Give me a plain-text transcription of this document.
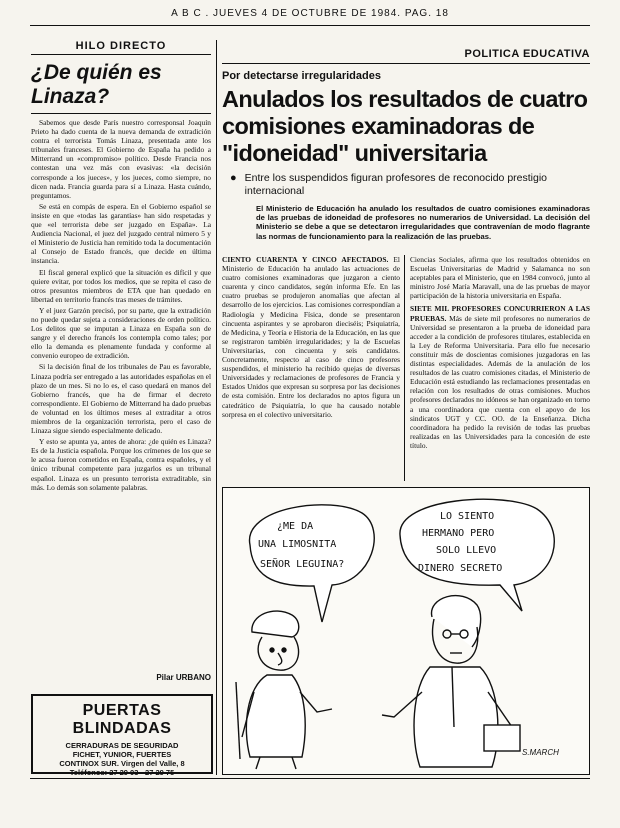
A B C . JUEVES 4 DE OCTUBRE DE 1984. PAG. 18
HILO DIRECTO
¿De quién es Linaza?

Sabemos que desde París nuestro corresponsal Joaquín Prieto ha dado cuenta de la nueva demanda de extradición contra el terrorista Tomás Linaza, presentada ante los tribunales franceses. El Gobierno de España ha pedido a Mitterrand un «compromiso» político. Desde Francia nos contestan una vez más con evasivas: «la decisión corresponde a los jueces», y los jueces, como siempre, no dicen nada. Francia guarda para sí a Linaza. Hasta cuándo, preguntamos.

Se está en compás de espera. En el Gobierno español se insiste en que «todas las garantías» han sido respetadas y que «el terrorista debe ser juzgado en España». La Audiencia Nacional, el juez del juzgado central número 5 y el Ministerio de Justicia han remitido toda la documentación al Consejo de Estado francés, que decide en última instancia.

El fiscal general explicó que la situación es difícil y que quiere evitar, por todos los medios, que se repita el caso de otros presuntos miembros de ETA que han quedado en libertad en territorio francés tras meses de trámites.

Y el juez Garzón precisó, por su parte, que la extradición no puede quedar sujeta a consideraciones de orden político. Los delitos que se imputan a Linaza en España son de sangre y el derecho francés los contempla como tales; por ello la demanda es plenamente fundada y conforme al convenio europeo de extradición.

Si la decisión final de los tribunales de Pau es favorable, Linaza podría ser entregado a las autoridades españolas en el plazo de un mes. Si no lo es, el caso quedará en manos del Gobierno francés, que ha de firmar el decreto correspondiente. El Gobierno de Mitterrand ha dado pruebas de voluntad en los últimos meses al extraditar a otros miembros de la organización terrorista, pero el caso de Linaza sigue siendo especialmente delicado.

Y esto se apunta ya, antes de ahora: ¿de quién es Linaza? Es de la Justicia española. Porque los crímenes de los que se le acusa fueron cometidos en España, contra españoles, y el único tribunal competente para juzgarlos es un tribunal español. Linaza es un presunto terrorista extraditable, sin más. Lo demás son solamente palabras.

Pilar URBANO
PUERTAS BLINDADAS
CERRADURAS DE SEGURIDAD
FICHET, YUNIOR, FUERTES
CONTINOX SUR. Virgen del Valle, 8
Teléfonos: 27 29 03 - 27 29 75
POLITICA EDUCATIVA
Por detectarse irregularidades
Anulados los resultados de cuatro comisiones examinadoras de "idoneidad" universitaria
● Entre los suspendidos figuran profesores de reconocido prestigio internacional
El Ministerio de Educación ha anulado los resultados de cuatro comisiones examinadoras de las pruebas de idoneidad de profesores no numerarios de Universidad. La decisión del Ministerio se debe a que se detectaron irregularidades que contravenían de modo flagrante las normas de funcionamiento para la realización de las pruebas.
CIENTO CUARENTA Y CINCO AFECTADOS. El Ministerio de Educación ha anulado las actuaciones de cuatro comisiones examinadoras que juzgaron a ciento cuarenta y cinco candidatos, según informa Efe. En las cuatro pruebas se produjeron anomalías que afectan al desarrollo de los ejercicios. Las comisiones correspondían a Radiología y Medicina Física, donde se presentaron cincuenta aspirantes y se aprobaron dieciséis; Psiquiatría, de Medicina, y Teoría e Historia de la Educación, en las que se registraron también irregularidades; y la de Escuelas Universitarias, con cincuenta y seis candidatos. Concretamente, respecto al caso de cinco profesores suspendidos, el ministerio ha recibido quejas de diversas Universidades y reclamaciones de profesores de Francia y Estados Unidos que expresan su sorpresa por las decisiones de esta comisión. Entre los declarados no aptos figura un catedrático de Psiquiatría, lo que ha causado notable sorpresa en el colectivo universitario.

Ciencias Sociales, afirma que los resultados obtenidos en Escuelas Universitarias de Madrid y Salamanca no son aceptables para el Ministerio, que en 1984 convocó, junto al ministro José María Maravall, una de las pruebas de mayor participación de la historia universitaria en España.

SIETE MIL PROFESORES CONCURRIERON A LAS PRUEBAS. Más de siete mil profesores no numerarios de Universidad se presentaron a la prueba de idoneidad para acceder a la condición de profesores titulares, establecida en la Ley de Reforma Universitaria. Para ello fue necesario constituir más de doscientas comisiones juzgadoras en las distintas especialidades. Además de la anulación de los resultados de las cuatro comisiones citadas, el Ministerio de Educación está estudiando las reclamaciones presentadas en relación con los resultados de otras comisiones. Muchos profesores declarados no idóneos se han organizado en torno a una coordinadora que cuenta con el apoyo de los sindicatos UGT y CC. OO. de la Enseñanza. Dicha coordinadora ha pedido la revisión de todas las pruebas realizadas en las Universidades para la concesión de este título.
¿ME DA
UNA LIMOSNITA
SEÑOR LEGUINA?
LO SIENTO
HERMANO PERO
SOLO LLEVO
DINERO SECRETO
S.MARCH
